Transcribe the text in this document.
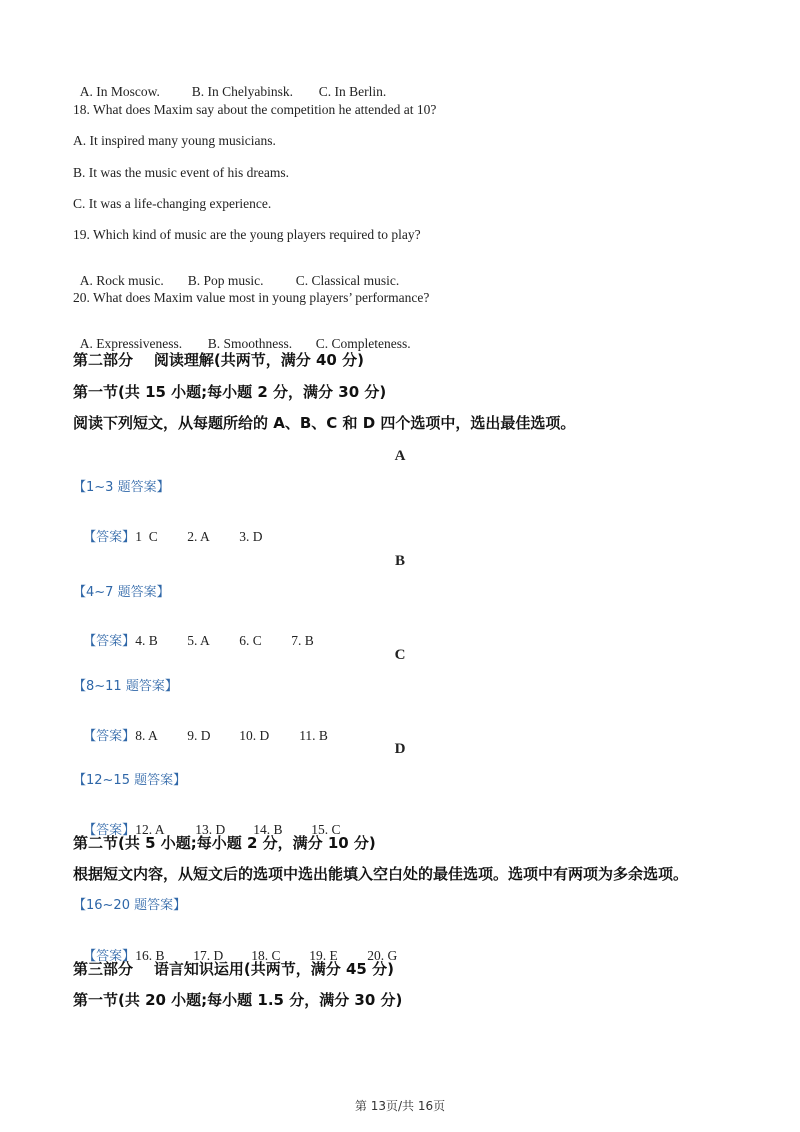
A. In Moscow. B. In Chelyabinsk. C. In Berlin.

18. What does Maxim say about the competition he attended at 10?
A. It inspired many young musicians.
B. It was the music event of his dreams.
C. It was a life-changing experience.
19. Which kind of music are the young players required to play?

A. Rock music. B. Pop music. C. Classical music.

20. What does Maxim value most in young players’ performance?

A. Expressiveness. B. Smoothness. C. Completeness.

第二部分    阅读理解(共两节，满分 40 分)
第一节(共 15 小题;每小题 2 分，满分 30 分)
阅读下列短文，从每题所给的 A、B、C 和 D 四个选项中，选出最佳选项。
A
【1~3 题答案】

【答案】1  C 2. A 3. D

B
【4~7 题答案】

【答案】4. B 5. A 6. C 7. B

C
【8~11 题答案】

【答案】8. A 9. D 10. D 11. B

D
【12~15 题答案】

【答案】12. A 13. D 14. B 15. C

第二节(共 5 小题;每小题 2 分，满分 10 分)
根据短文内容，从短文后的选项中选出能填入空白处的最佳选项。选项中有两项为多余选项。
【16~20 题答案】

【答案】16. B 17. D 18. C 19. E 20. G

第三部分    语言知识运用(共两节，满分 45 分)
第一节(共 20 小题;每小题 1.5 分，满分 30 分)
第 13页/共 16页
